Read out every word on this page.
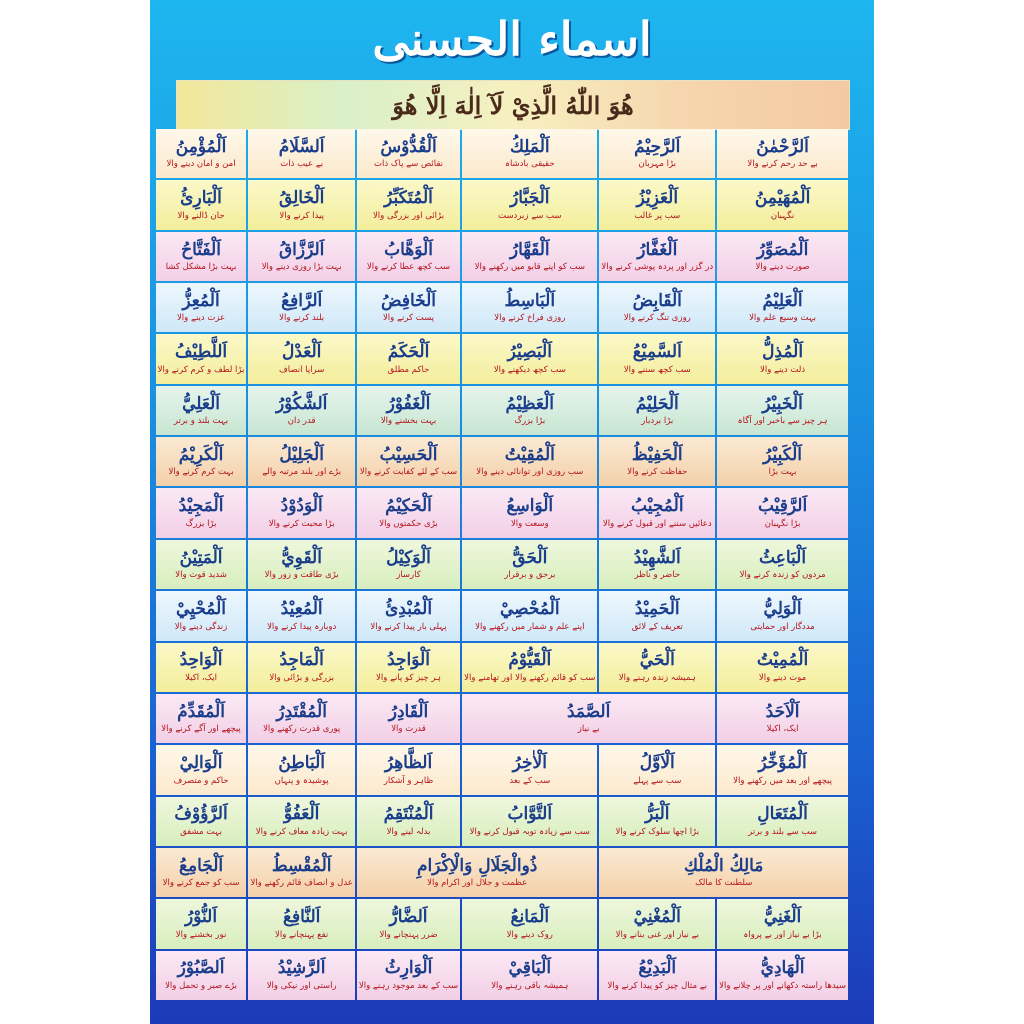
اسماء الحسنى
هُوَ اللّٰهُ الَّذِيْ لَآ اِلٰهَ اِلَّا هُوَ
اَلرَّحْمٰنُ
بے حد رحم کرنے والا
اَلرَّحِيْمُ
بڑا مہربان
اَلْمَلِكُ
حقیقی بادشاہ
اَلْقُدُّوْسُ
نقائص سے پاک ذات
اَلسَّلَامُ
بے عیب ذات
اَلْمُؤْمِنُ
امن و امان دینے والا
اَلْمُهَيْمِنُ
نگہبان
اَلْعَزِيْزُ
سب پر غالب
اَلْجَبَّارُ
سب سے زبردست
اَلْمُتَكَبِّرُ
بڑائی اور بزرگی والا
اَلْخَالِقُ
پیدا کرنے والا
اَلْبَارِئُ
جان ڈالنے والا
اَلْمُصَوِّرُ
صورت دینے والا
اَلْغَفَّارُ
در گزر اور پردہ پوشی کرنے والا
اَلْقَهَّارُ
سب کو اپنے قابو میں رکھنے والا
اَلْوَهَّابُ
سب کچھ عطا کرنے والا
اَلرَّزَّاقُ
بہت بڑا روزی دینے والا
اَلْفَتَّاحُ
بہت بڑا مشکل کشا
اَلْعَلِيْمُ
بہت وسیع علم والا
اَلْقَابِضُ
روزی تنگ کرنے والا
اَلْبَاسِطُ
روزی فراخ کرنے والا
اَلْخَافِضُ
پست کرنے والا
اَلرَّافِعُ
بلند کرنے والا
اَلْمُعِزُّ
عزت دینے والا
اَلْمُذِلُّ
ذلت دینے والا
اَلسَّمِيْعُ
سب کچھ سننے والا
اَلْبَصِيْرُ
سب کچھ دیکھنے والا
اَلْحَكَمُ
حاکم مطلق
اَلْعَدْلُ
سراپا انصاف
اَللَّطِيْفُ
بڑا لطف و کرم کرنے والا
اَلْخَبِيْرُ
ہر چیز سے باخبر اور آگاہ
اَلْحَلِيْمُ
بڑا بردبار
اَلْعَظِيْمُ
بڑا بزرگ
اَلْغَفُوْرُ
بہت بخشنے والا
اَلشَّكُوْرُ
قدر دان
اَلْعَلِيُّ
بہت بلند و برتر
اَلْكَبِيْرُ
بہت بڑا
اَلْحَفِيْظُ
حفاظت کرنے والا
اَلْمُقِيْتُ
سب روزی اور توانائی دینے والا
اَلْحَسِيْبُ
سب کے لئے کفایت کرنے والا
اَلْجَلِيْلُ
بڑے اور بلند مرتبہ والے
اَلْكَرِيْمُ
بہت کرم کرنے والا
اَلرَّقِيْبُ
بڑا نگہبان
اَلْمُجِيْبُ
دعائیں سننے اور قبول کرنے والا
اَلْوَاسِعُ
وسعت والا
اَلْحَكِيْمُ
بڑی حکمتوں والا
اَلْوَدُوْدُ
بڑا محبت کرنے والا
اَلْمَجِيْدُ
بڑا بزرگ
اَلْبَاعِثُ
مردوں کو زندہ کرنے والا
اَلشَّهِيْدُ
حاضر و ناظر
اَلْحَقُّ
برحق و برقرار
اَلْوَكِيْلُ
کارساز
اَلْقَوِيُّ
بڑی طاقت و زور والا
اَلْمَتِيْنُ
شدید قوت والا
اَلْوَلِيُّ
مددگار اور حمایتی
اَلْحَمِيْدُ
تعریف کے لائق
اَلْمُحْصِيْ
اپنے علم و شمار میں رکھنے والا
اَلْمُبْدِئُ
پہلی بار پیدا کرنے والا
اَلْمُعِيْدُ
دوبارہ پیدا کرنے والا
اَلْمُحْيِيْ
زندگی دینے والا
اَلْمُمِيْتُ
موت دینے والا
اَلْحَيُّ
ہمیشہ زندہ رہنے والا
اَلْقَيُّوْمُ
سب کو قائم رکھنے والا اور تھامنے والا
اَلْوَاجِدُ
ہر چیز کو پانے والا
اَلْمَاجِدُ
بزرگی و بڑائی والا
اَلْوَاحِدُ
ایک، اکیلا
اَلْاَحَدُ
ایک، اکیلا
اَلصَّمَدُ
بے نیاز
اَلْقَادِرُ
قدرت والا
اَلْمُقْتَدِرُ
پوری قدرت رکھنے والا
اَلْمُقَدِّمُ
پیچھے اور آگے کرنے والا
اَلْمُؤَخِّرُ
پیچھے اور بعد میں رکھنے والا
اَلْاَوَّلُ
سب سے پہلے
اَلْاٰخِرُ
سب کے بعد
اَلظَّاهِرُ
ظاہر و آشکار
اَلْبَاطِنُ
پوشیدہ و پنہاں
اَلْوَالِيْ
حاکم و متصرف
اَلْمُتَعَالِ
سب سے بلند و برتر
اَلْبَرُّ
بڑا اچھا سلوک کرنے والا
اَلتَّوَّابُ
سب سے زیادہ توبہ قبول کرنے والا
اَلْمُنْتَقِمُ
بدلہ لینے والا
اَلْعَفُوُّ
بہت زیادہ معاف کرنے والا
اَلرَّؤُوْفُ
بہت مشفق
مَالِكُ الْمُلْكِ
سلطنت کا مالک
ذُوالْجَلَالِ وَالْاِكْرَامِ
عظمت و جلال اور اکرام والا
اَلْمُقْسِطُ
عدل و انصاف قائم رکھنے والا
اَلْجَامِعُ
سب کو جمع کرنے والا
اَلْغَنِيُّ
بڑا بے نیاز اور بے پرواہ
اَلْمُغْنِيْ
بے نیاز اور غنی بنانے والا
اَلْمَانِعُ
روک دینے والا
اَلضَّارُّ
ضرر پہنچانے والا
اَلنَّافِعُ
نفع پہنچانے والا
اَلنُّوْرُ
نور بخشنے والا
اَلْهَادِيُّ
سیدھا راستہ دکھانے اور پر چلانے والا
اَلْبَدِيْعُ
بے مثال چیز کو پیدا کرنے والا
اَلْبَاقِيْ
ہمیشہ باقی رہنے والا
اَلْوَارِثُ
سب کے بعد موجود رہنے والا
اَلرَّشِيْدُ
راستی اور نیکی والا
اَلصَّبُوْرُ
بڑے صبر و تحمل والا
